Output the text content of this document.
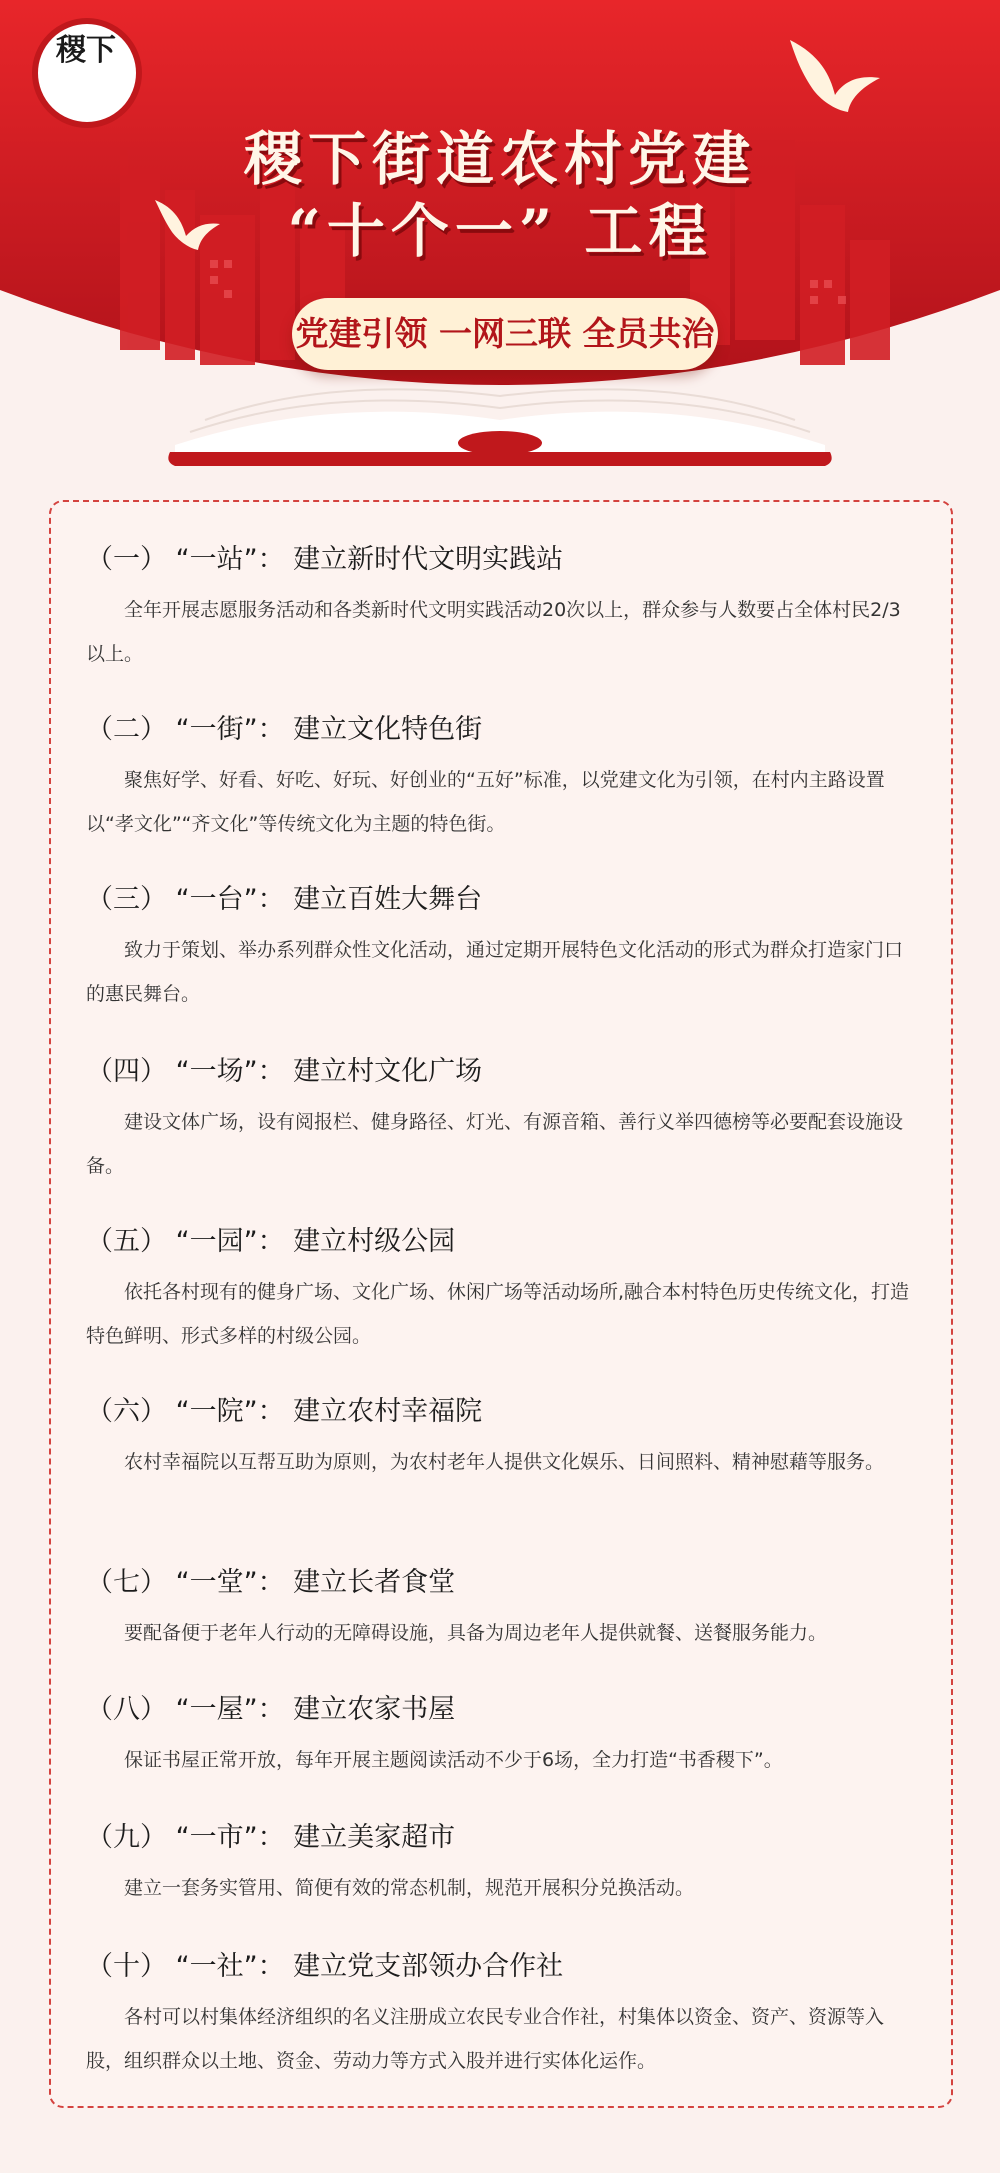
稷下
稷下街道农村党建
“十个一” 工程
党建引领 一网三联 全员共治
（一） “一站”： 建立新时代文明实践站

全年开展志愿服务活动和各类新时代文明实践活动20次以上，群众参与人数要占全体村民2/3以上。

（二） “一街”： 建立文化特色街

聚焦好学、好看、好吃、好玩、好创业的“五好”标准，以党建文化为引领，在村内主路设置以“孝文化”“齐文化”等传统文化为主题的特色街。

（三） “一台”： 建立百姓大舞台

致力于策划、举办系列群众性文化活动，通过定期开展特色文化活动的形式为群众打造家门口的惠民舞台。

（四） “一场”： 建立村文化广场

建设文体广场，设有阅报栏、健身路径、灯光、有源音箱、善行义举四德榜等必要配套设施设备。

（五） “一园”： 建立村级公园

依托各村现有的健身广场、文化广场、休闲广场等活动场所,融合本村特色历史传统文化，打造特色鲜明、形式多样的村级公园。

（六） “一院”： 建立农村幸福院

农村幸福院以互帮互助为原则，为农村老年人提供文化娱乐、日间照料、精神慰藉等服务。

（七） “一堂”： 建立长者食堂

要配备便于老年人行动的无障碍设施，具备为周边老年人提供就餐、送餐服务能力。

（八） “一屋”： 建立农家书屋

保证书屋正常开放，每年开展主题阅读活动不少于6场，全力打造“书香稷下”。

（九） “一市”： 建立美家超市

建立一套务实管用、简便有效的常态机制，规范开展积分兑换活动。

（十） “一社”： 建立党支部领办合作社

各村可以村集体经济组织的名义注册成立农民专业合作社，村集体以资金、资产、资源等入股，组织群众以土地、资金、劳动力等方式入股并进行实体化运作。
